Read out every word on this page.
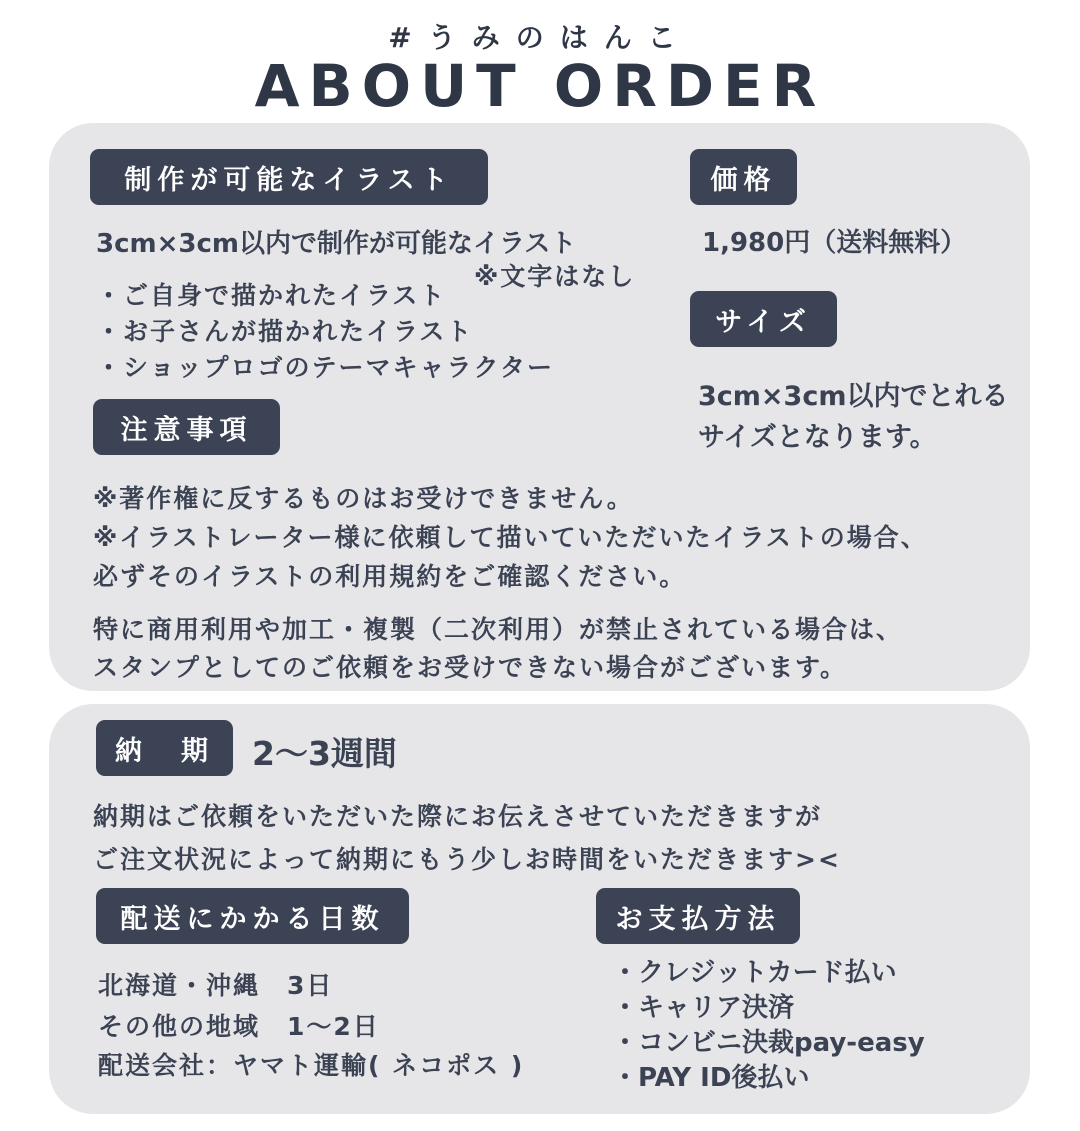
#うみのはんこ
ABOUT ORDER
制作が可能なイラスト
3cm×3cm以内で制作が可能なイラスト
※文字はなし
・ご自身で描かれたイラスト
・お子さんが描かれたイラスト
・ショップロゴのテーマキャラクター
価格
1,980円（送料無料）
サイズ
3cm×3cm以内でとれる
サイズとなります。
注意事項
※著作権に反するものはお受けできません。
※イラストレーター様に依頼して描いていただいたイラストの場合、
必ずそのイラストの利用規約をご確認ください。
特に商用利用や加工・複製（二次利用）が禁止されている場合は、
スタンプとしてのご依頼をお受けできない場合がございます。
納　期	2〜3週間
納期はご依頼をいただいた際にお伝えさせていただきますが
ご注文状況によって納期にもう少しお時間をいただきます><
配送にかかる日数
北海道・沖縄　3日
その他の地域　1〜2日
配送会社：ヤマト運輸( ネコポス )
お支払方法
・クレジットカード払い
・キャリア決済
・コンビニ決裁pay-easy
・PAY ID後払い
